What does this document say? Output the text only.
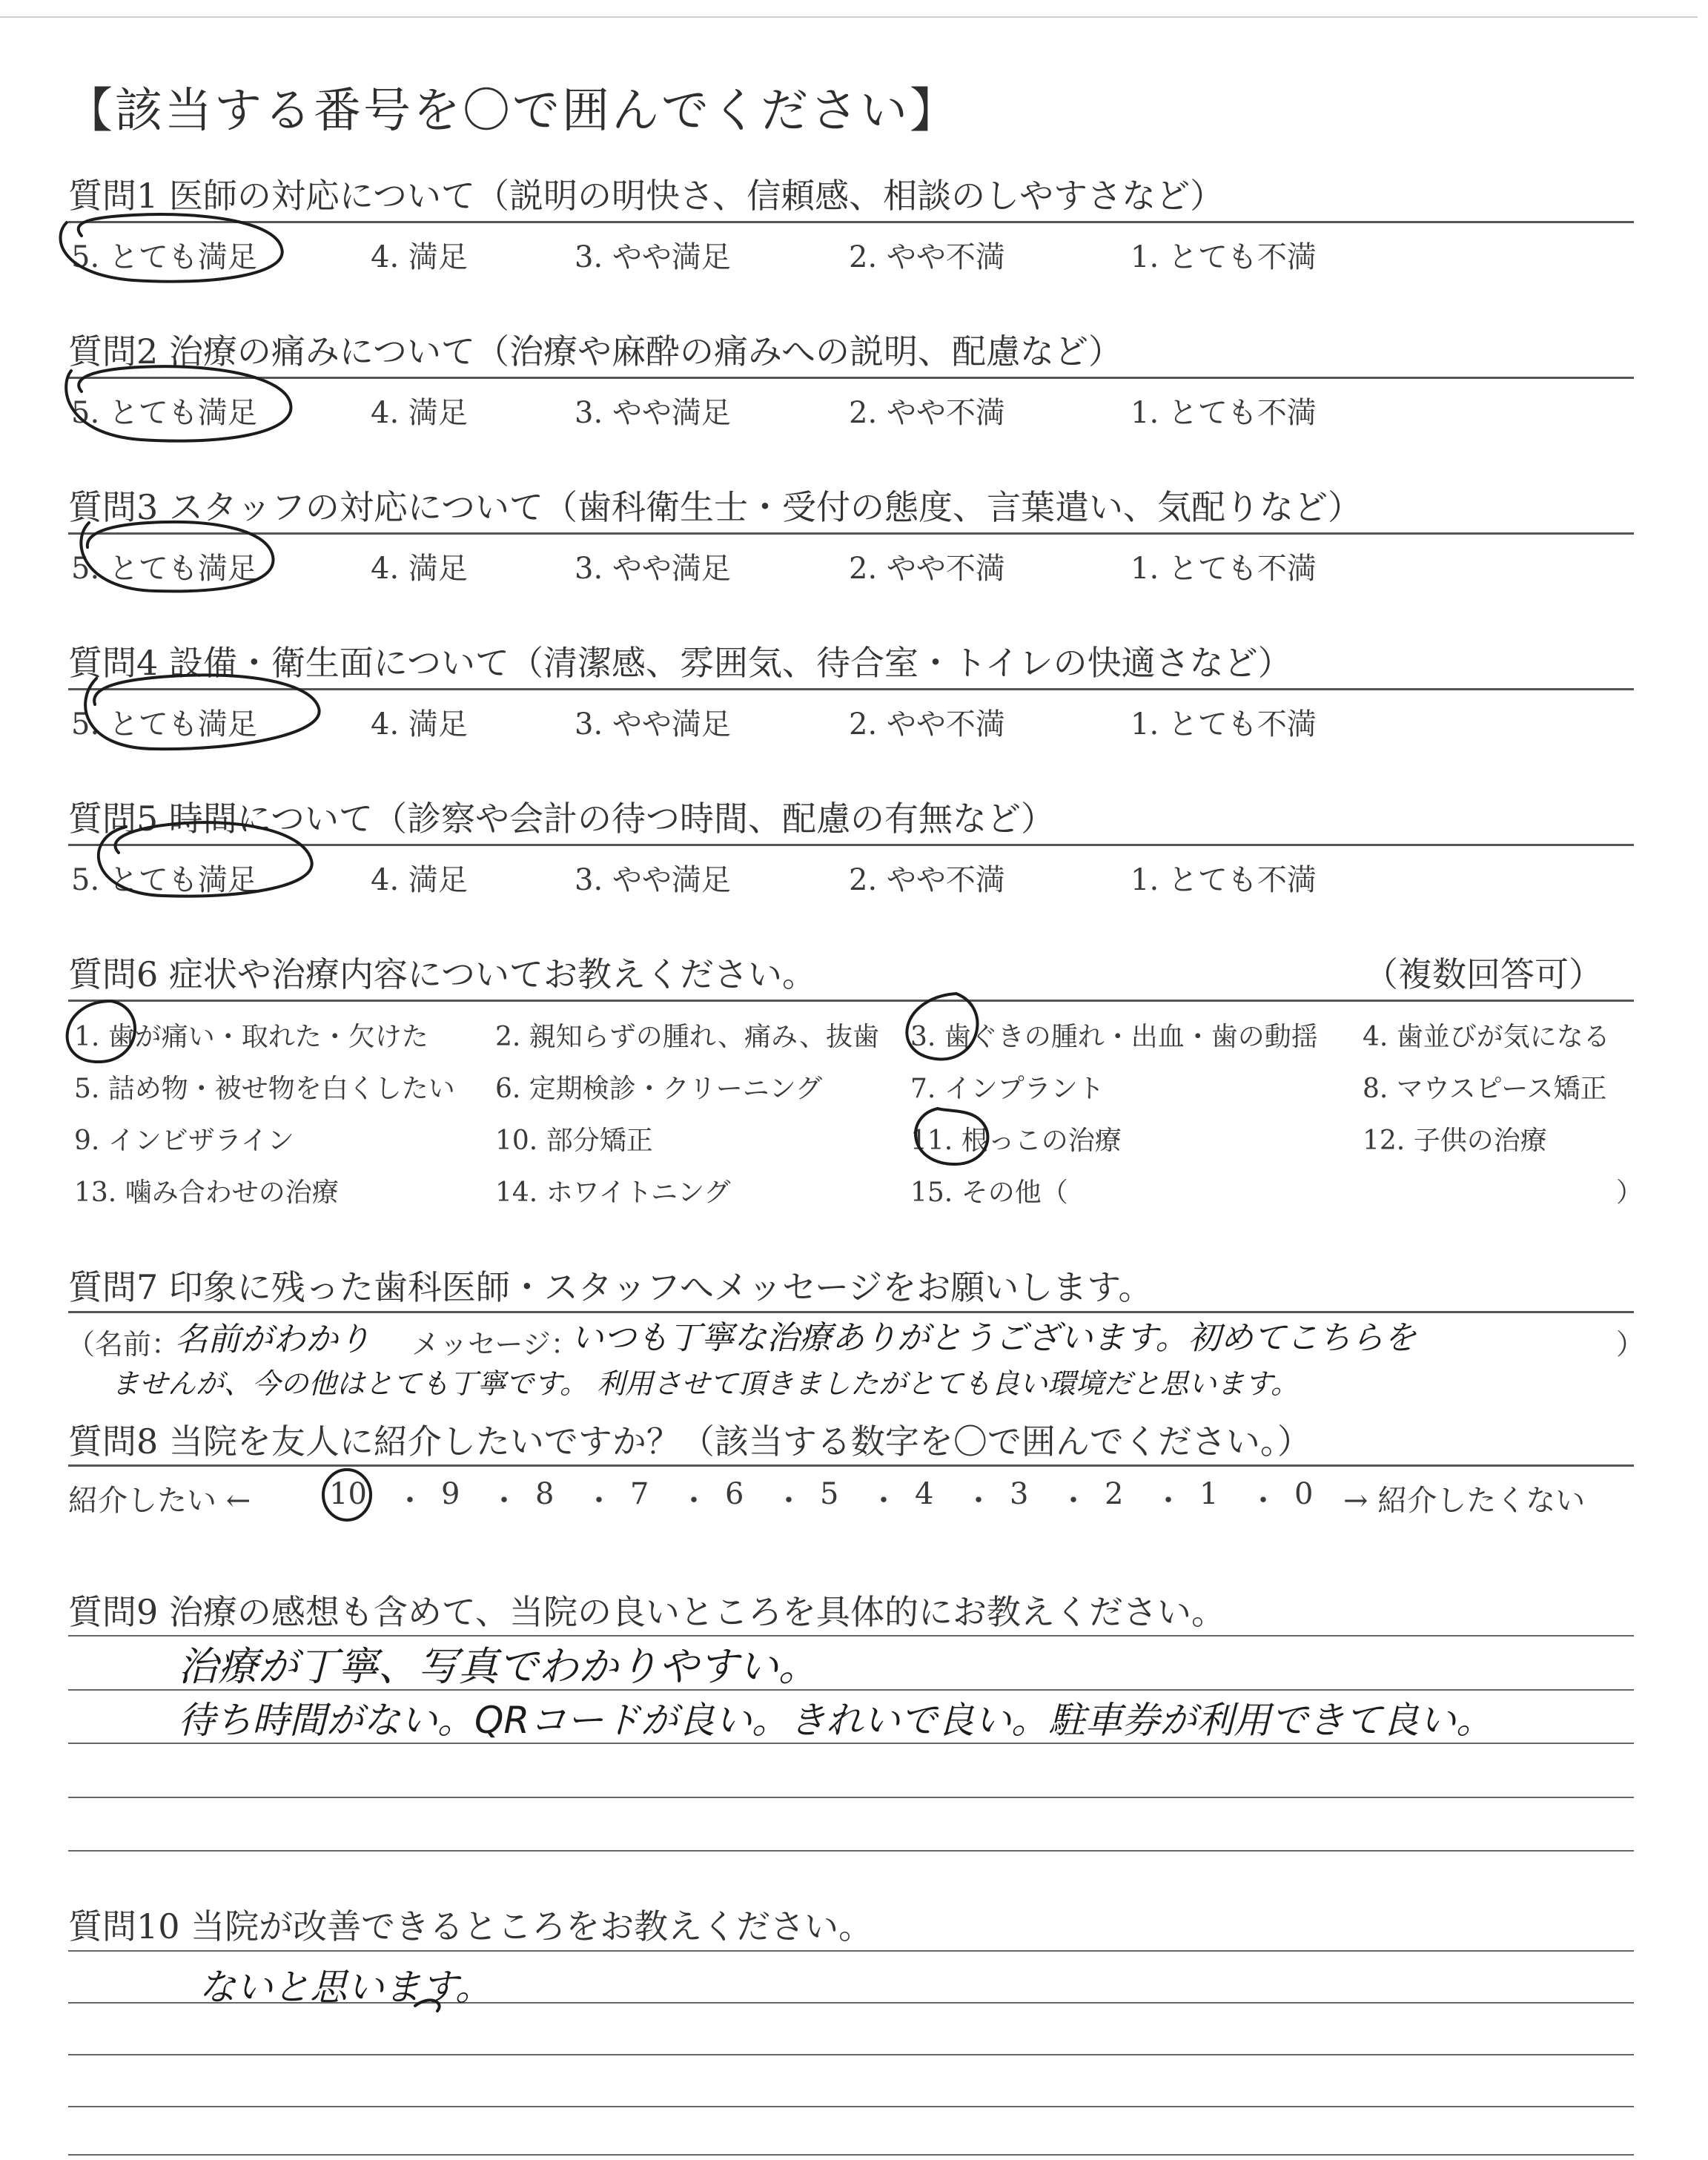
【該当する番号を〇で囲んでください】
質問1 医師の対応について（説明の明快さ、信頼感、相談のしやすさなど）
5. とても満足	4. 満足	3. やや満足	2. やや不満	1. とても不満
質問2 治療の痛みについて（治療や麻酔の痛みへの説明、配慮など）
5. とても満足	4. 満足	3. やや満足	2. やや不満	1. とても不満
質問3 スタッフの対応について（歯科衛生士・受付の態度、言葉遣い、気配りなど）
5. とても満足	4. 満足	3. やや満足	2. やや不満	1. とても不満
質問4 設備・衛生面について（清潔感、雰囲気、待合室・トイレの快適さなど）
5. とても満足	4. 満足	3. やや満足	2. やや不満	1. とても不満
質問5 時間について（診察や会計の待つ時間、配慮の有無など）
5. とても満足	4. 満足	3. やや満足	2. やや不満	1. とても不満
質問6 症状や治療内容についてお教えください。	（複数回答可）
1. 歯が痛い・取れた・欠けた	2. 親知らずの腫れ、痛み、抜歯 3. 歯ぐきの腫れ・出血・歯の動揺 4. 歯並びが気になる
5. 詰め物・被せ物を白くしたい 6. 定期検診・クリーニング	7. インプラント	8. マウスピース矯正
9. インビザライン	10. 部分矯正	11. 根っこの治療	12. 子供の治療
13. 噛み合わせの治療	14. ホワイトニング	15. その他（	）
質問7 印象に残った歯科医師・スタッフへメッセージをお願いします。
（名前：
名前がわかり メッセージ：
いつも丁寧な治療ありがとうございます。初めてこちらを	）
ませんが、今の他はとても丁寧です。 利用させて頂きましたがとても良い環境だと思います。
質問8 当院を友人に紹介したいですか？（該当する数字を〇で囲んでください。）
紹介したい ←	10	9	8	7	6	5	4	3	2	1	0 → 紹介したくない
・ ・ ・ ・ ・ ・ ・ ・ ・ ・
質問9 治療の感想も含めて、当院の良いところを具体的にお教えください。
治療が丁寧、写真でわかりやすい。
待ち時間がない。QRコードが良い。きれいで良い。駐車券が利用できて良い。
質問10 当院が改善できるところをお教えください。
ないと思います。
